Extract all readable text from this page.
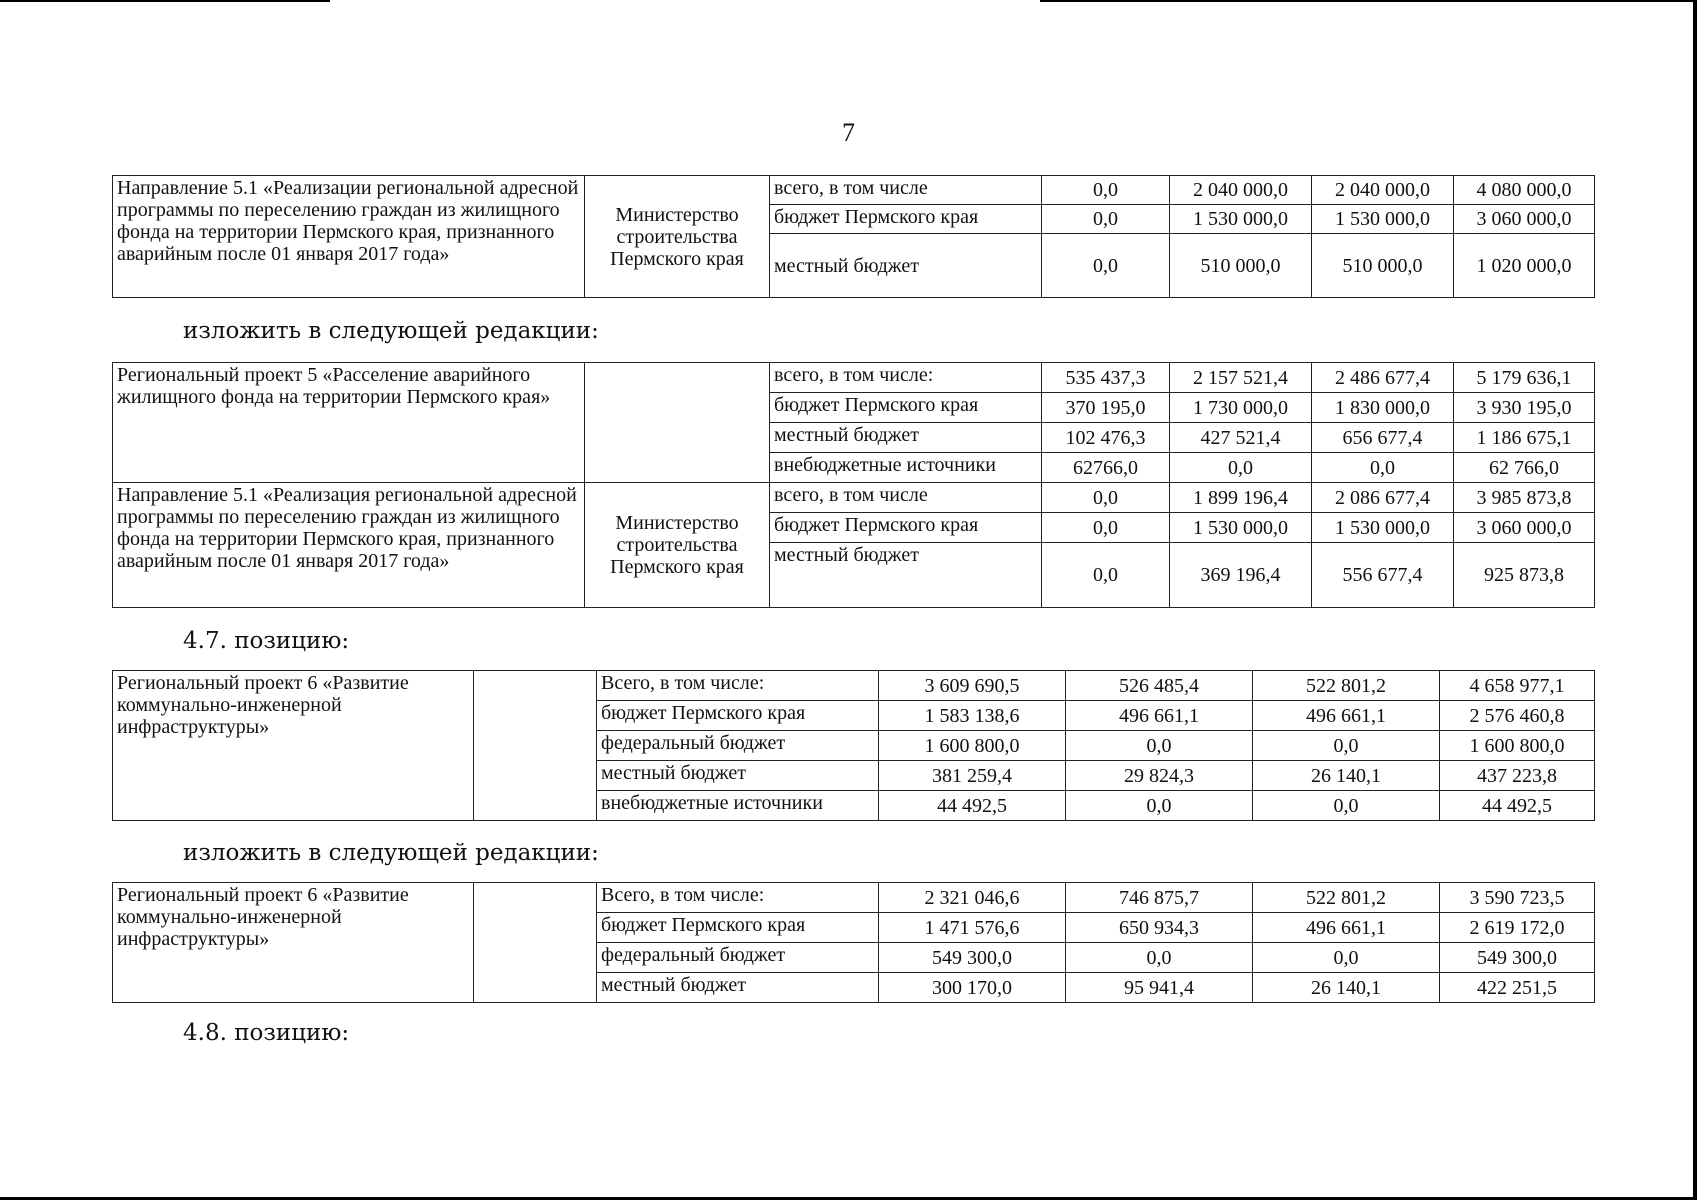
7
Направление 5.1 «Реализации региональной адресной программы по переселению граждан из жилищного фонда на территории Пермского края, признанного аварийным после 01 января 2017 года»	Министерство строительства Пермского края	всего, в том числе	0,0	2 040 000,0	2 040 000,0	4 080 000,0
		бюджет Пермского края	0,0	1 530 000,0	1 530 000,0	3 060 000,0
		местный бюджет	0,0	510 000,0	510 000,0	1 020 000,0
изложить в следующей редакции:
Региональный проект 5 «Расселение аварийного жилищного фонда на территории Пермского края»		всего, в том числе:	535 437,3	2 157 521,4	2 486 677,4	5 179 636,1
		бюджет Пермского края	370 195,0	1 730 000,0	1 830 000,0	3 930 195,0
		местный бюджет	102 476,3	427 521,4	656 677,4	1 186 675,1
		внебюджетные источники	62766,0	0,0	0,0	62 766,0
Направление 5.1 «Реализация региональной адресной программы по переселению граждан из жилищного фонда на территории Пермского края, признанного аварийным после 01 января 2017 года»	Министерство строительства Пермского края	всего, в том числе	0,0	1 899 196,4	2 086 677,4	3 985 873,8
		бюджет Пермского края	0,0	1 530 000,0	1 530 000,0	3 060 000,0
		местный бюджет	0,0	369 196,4	556 677,4	925 873,8
4.7. позицию:
Региональный проект 6 «Развитие коммунально-инженерной инфраструктуры»		Всего, в том числе:	3 609 690,5	526 485,4	522 801,2	4 658 977,1
		бюджет Пермского края	1 583 138,6	496 661,1	496 661,1	2 576 460,8
		федеральный бюджет	1 600 800,0	0,0	0,0	1 600 800,0
		местный бюджет	381 259,4	29 824,3	26 140,1	437 223,8
		внебюджетные источники	44 492,5	0,0	0,0	44 492,5
изложить в следующей редакции:
Региональный проект 6 «Развитие коммунально-инженерной инфраструктуры»		Всего, в том числе:	2 321 046,6	746 875,7	522 801,2	3 590 723,5
		бюджет Пермского края	1 471 576,6	650 934,3	496 661,1	2 619 172,0
		федеральный бюджет	549 300,0	0,0	0,0	549 300,0
		местный бюджет	300 170,0	95 941,4	26 140,1	422 251,5
4.8. позицию:
